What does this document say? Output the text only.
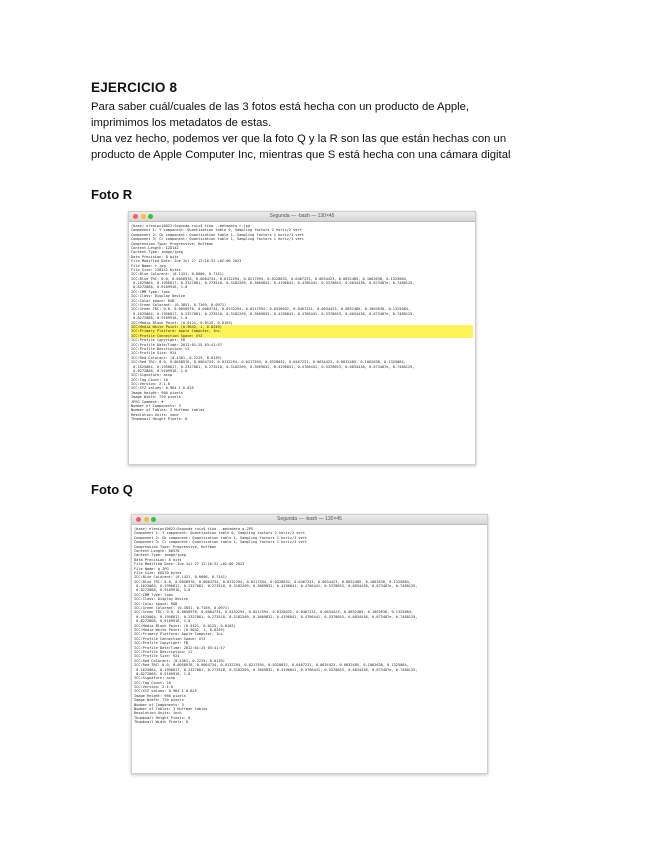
EJERCICIO 8
Para saber cuál/cuales de las 3 fotos está hecha con un producto de Apple,
imprimimos los metadatos de estas.
Una vez hecho, podemos ver que la foto Q y la R son las que están hechas con un
producto de Apple Computer Inc, mientras que S está hecha con una cámara digital
Foto R
Segunda — -bash — 130×45
(base) elenipc10022:Segunda ruiz$ tika --metadata r.jpg
Component 1: Y component: Quantization table 0, Sampling factors 2 horiz/2 vert
Component 2: Cb component: Quantization table 1, Sampling factors 1 horiz/1 vert
Component 3: Cr component: Quantization table 1, Sampling factors 1 horiz/1 vert
Compression Type: Progressive, Huffman
Content-Length: 128142
Content-Type: image/jpeg
Data Precision: 8 bits
File Modified Date: Jue Jul 27 12:16:32 +02:00 2023
File Name: r.jpg
File Size: 128142 bytes
ICC:Blue Colorant: (0.1431, 0.0606, 0.7141)
ICC:Blue TRC: 0.0, 0.0058976, 0.0064734, 0.0132294, 0.0217594, 0.0328032, 0.0467231, 0.0634423, 0.0832485, 0.1062638, 0.1325084,
0.1625064, 0.1956817, 0.2327081, 0.273518, 0.3182269, 0.3669832, 0.4196841, 0.4766441, 0.5378653, 0.6034438, 0.673487e, 0.7480125,
0.8272868, 0.9109916, 1.0
ICC:CMM Type: lcms
ICC:Class: Display Device
ICC:Color space: RGB
ICC:Green Colorant: (0.3851, 0.7169, 0.0971)
ICC:Green TRC: 0.0, 0.0058976, 0.0064734, 0.0132294, 0.0217594, 0.0328032, 0.0467231, 0.0634423, 0.0832485, 0.1062638, 0.1325084,
0.1625064, 0.1956817, 0.2327081, 0.273518, 0.3182269, 0.3669832, 0.4196841, 0.4766441, 0.5378653, 0.6034438, 0.673487e, 0.7480125,
0.8272868, 0.9109916, 1.0
ICC:Media Black Point: (0.0121, 0.0125, 0.0103)
ICC:Media White Point: (0.9642, 1, 0.8249)
ICC:Primary Platform: Apple Computer, Inc.
ICC:Profile Connection Space: XYZ
ICC:Profile Copyright: FB
ICC:Profile Date/Time: 2012:01:25 03:41:57
ICC:Profile Description: c2
ICC:Profile Size: 924
ICC:Red Colorant: (0.4361, 0.2225, 0.0139)
ICC:Red TRC: 0.0, 0.0058976, 0.0064734, 0.0132294, 0.0217594, 0.0328032, 0.0467231, 0.0634423, 0.0832485, 0.1062638, 0.1325084,
0.1625064, 0.1956817, 0.2327081, 0.273518, 0.3182269, 0.3669832, 0.4196841, 0.4766441, 0.5378653, 0.6034438, 0.673487e, 0.7480125,
0.8272868, 0.9109916, 1.0
ICC:Signature: acsp
ICC:Tag Count: 10
ICC:Version: 2.1.0
ICC:XYZ values: 0.964 1 0.825
Image Height: 960 pixels
Image Width: 720 pixels
JPEG Comment: ♦
Number of Components: 3
Number of Tables: 3 Huffman tables
Resolution Units: none
Thumbnail Height Pixels: 0
Foto Q
Segunda — -bash — 130×45
(base) elenipc10022:Segunda ruiz$ tika --metadata q.JPG
Component 1: Y component: Quantization table 0, Sampling factors 2 horiz/2 vert
Component 2: Cb component: Quantization table 1, Sampling factors 1 horiz/1 vert
Component 3: Cr component: Quantization table 1, Sampling factors 1 horiz/1 vert
Compression Type: Progressive, Huffman
Content-Length: 66570
Content-Type: image/jpeg
Data Precision: 8 bits
File Modified Date: Jue Jul 27 12:16:32 +02:00 2023
File Name: q.JPG
File Size: 66570 bytes
ICC:Blue Colorant: (0.1431, 0.0606, 0.7141)
ICC:Blue TRC: 0.0, 0.0058976, 0.0064734, 0.0132294, 0.0217594, 0.0328032, 0.0467231, 0.0634423, 0.0832485, 0.1062638, 0.1325084,
0.1625064, 0.1956817, 0.2327081, 0.273518, 0.3182269, 0.3669832, 0.4196841, 0.4766441, 0.5378653, 0.6034438, 0.673487e, 0.7480125,
0.8272868, 0.9109916, 1.0
ICC:CMM Type: lcms
ICC:Class: Display Device
ICC:Color space: RGB
ICC:Green Colorant: (0.3851, 0.7169, 0.0971)
ICC:Green TRC: 0.0, 0.0058976, 0.0064734, 0.0132294, 0.0217594, 0.0328032, 0.0467231, 0.0634423, 0.0832485, 0.1062638, 0.1325084,
0.1625064, 0.1956817, 0.2327081, 0.273518, 0.3182269, 0.3669832, 0.4196841, 0.4766441, 0.5378653, 0.6034438, 0.673487e, 0.7480125,
0.8272868, 0.9109916, 1.0
ICC:Media Black Point: (0.0121, 0.0125, 0.0103)
ICC:Media White Point: (0.9642, 1, 0.8249)
ICC:Primary Platform: Apple Computer, Inc.
ICC:Profile Connection Space: XYZ
ICC:Profile Copyright: FB
ICC:Profile Date/Time: 2012:01:25 03:41:57
ICC:Profile Description: c2
ICC:Profile Size: 924
ICC:Red Colorant: (0.4361, 0.2225, 0.0139)
ICC:Red TRC: 0.0, 0.0058976, 0.0064734, 0.0132294, 0.0217594, 0.0328032, 0.0467231, 0.0634423, 0.0832485, 0.1062638, 0.1325084,
0.1625064, 0.1956817, 0.2327081, 0.273518, 0.3182269, 0.3669832, 0.4196841, 0.4766441, 0.5378653, 0.6034438, 0.673487e, 0.7480125,
0.8272868, 0.9109916, 1.0
ICC:Signature: acsp
ICC:Tag Count: 10
ICC:Version: 2.1.0
ICC:XYZ values: 0.964 1 0.825
Image Height: 960 pixels
Image Width: 720 pixels
Number of Components: 3
Number of Tables: 3 Huffman tables
Resolution Units: inch
Thumbnail Height Pixels: 0
Thumbnail Width Pixels: 0
